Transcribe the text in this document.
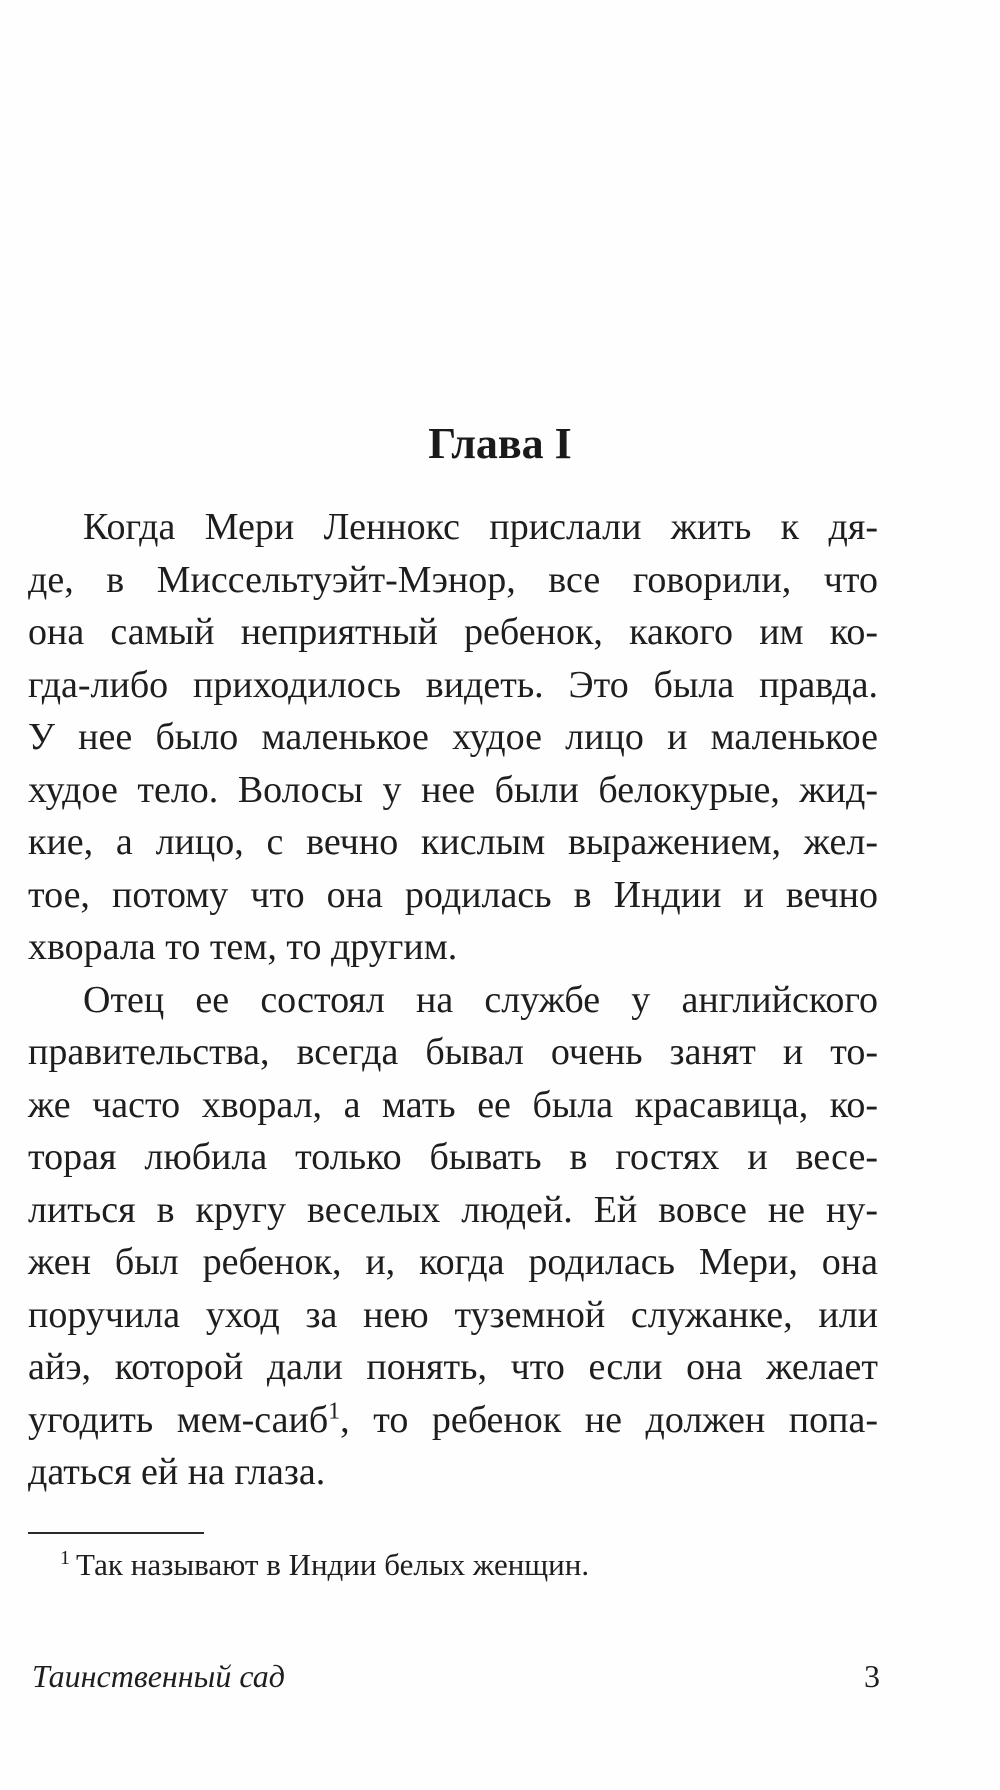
Глава I
Когда Мери Леннокс прислали жить к дя-
де, в Миссельтуэйт-Мэнор, все говорили, что
она самый неприятный ребенок, какого им ко-
гда-либо приходилось видеть. Это была правда.
У нее было маленькое худое лицо и маленькое
худое тело. Волосы у нее были белокурые, жид-
кие, а лицо, с вечно кислым выражением, жел-
тое, потому что она родилась в Индии и вечно
хворала то тем, то другим.
Отец ее состоял на службе у английского
правительства, всегда бывал очень занят и то-
же часто хворал, а мать ее была красавица, ко-
торая любила только бывать в гостях и весе-
литься в кругу веселых людей. Ей вовсе не ну-
жен был ребенок, и, когда родилась Мери, она
поручила уход за нею туземной служанке, или
айэ, которой дали понять, что если она желает
угодить мем-саиб$^1$, то ребенок не должен попа-
даться ей на глаза.
$^1$ Так называют в Индии белых женщин.
Таинственный сад	3
